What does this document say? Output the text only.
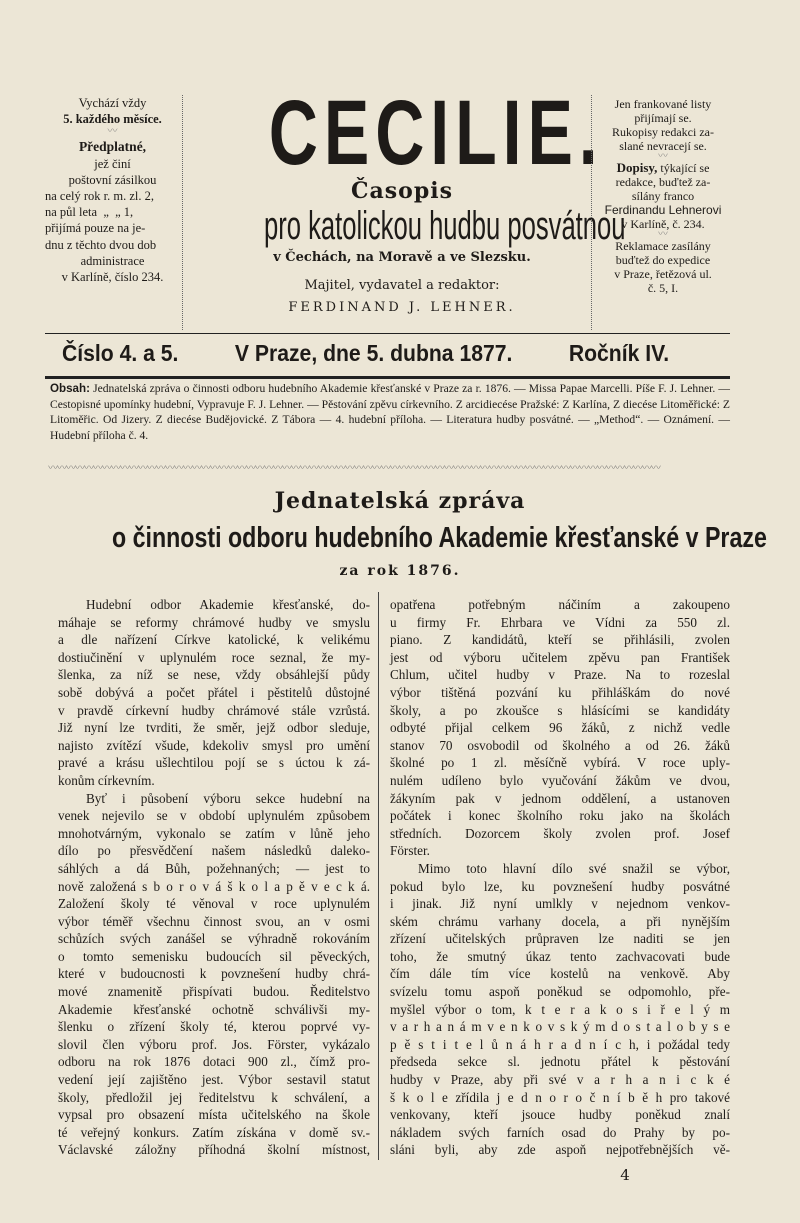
Vychází vždy
5. každého měsíce.
〰
Předplatné,
jež činí
poštovní zásilkou
na celý rok r. m. zl. 2,
na půl leta  „  „ 1,
přijímá pouze na je-
dnu z těchto dvou dob
administrace
v Karlíně, číslo 234.
CECILIE.
Časopis
pro katolickou hudbu posvátnou
v Čechách, na Moravě a ve Slezsku.
Majitel, vydavatel a redaktor:
FERDINAND J. LEHNER.
Jen frankované listy
přijímají se.
Rukopisy redakci za-
slané nevracejí se.
〰
Dopisy, týkající se
redakce, buďtež za-
sílány franco
Ferdinandu Lehnerovi
v Karlíně, č. 234.
〰
Reklamace zasílány
buďtež do expedice
v Praze, řetězová ul.
č. 5, I.
Číslo 4. a 5. V Praze, dne 5. dubna 1877. Ročník IV.
Obsah: Jednatelská zpráva o činnosti odboru hudebního Akademie křesťanské v Praze za r. 1876. — Missa Papae Marcelli. Píše F. J. Lehner. — Cestopisné upomínky hudební, Vypravuje F. J. Lehner. — Pěstování zpěvu církevního. Z arcidiecése Pražské: Z Karlína, Z diecése Litoměřické: Z Litoměřic. Od Jizery. Z diecése Budějovické. Z Tábora — 4. hudební příloha. — Literatura hudby posvátné. — „Method“. — Oznámení. — Hudební příloha č. 4.
〰〰〰〰〰〰〰〰〰〰〰〰〰〰〰〰〰〰〰〰〰〰〰〰〰〰〰〰〰〰〰〰〰〰〰〰〰〰〰〰〰〰〰〰〰〰〰〰〰〰〰〰〰〰〰〰〰〰〰〰〰〰〰〰〰〰〰〰
Jednatelská zpráva
o činnosti odboru hudebního Akademie křesťanské v Praze
za rok 1876.
Hudební odbor Akademie křesťanské, do-
máhaje se reformy chrámové hudby ve smyslu
a dle nařízení Církve katolické, k velikému
dostiučinění v uplynulém roce seznal, že my-
šlenka, za níž se nese, vždy obsáhlejší půdy
sobě dobývá a počet přátel i pěstitelů důstojné
v pravdě církevní hudby chrámové stále vzrůstá.
Již nyní lze tvrditi, že směr, jejž odbor sleduje,
najisto zvítězí všude, kdekoliv smysl pro umění
pravé a krásu ušlechtilou pojí se s úctou k zá-
konům církevním.
Byť i působení výboru sekce hudební na
venek nejevilo se v období uplynulém způsobem
mnohotvárným, vykonalo se zatím v lůně jeho
dílo po přesvědčení našem následků daleko-
sáhlých a dá Bůh, požehnaných; — jest to
nově založená s b o r o v á š k o l a p ě v e c k á.
Založení školy té věnoval v roce uplynulém
výbor téměř všechnu činnost svou, an v osmi
schůzích svých zanášel se výhradně rokováním
o tomto semenisku budoucích sil pěveckých,
které v budoucnosti k povznešení hudby chrá-
mové znamenitě přispívati budou. Ředitelstvo
Akademie křesťanské ochotně schválivši my-
šlenku o zřízení školy té, kterou poprvé vy-
slovil člen výboru prof. Jos. Förster, vykázalo
odboru na rok 1876 dotaci 900 zl., čímž pro-
vedení její zajištěno jest. Výbor sestavil statut
školy, předložil jej ředitelstvu k schválení, a
vypsal pro obsazení místa učitelského na škole
té veřejný konkurs. Zatím získána v domě sv.-
Václavské záložny příhodná školní místnost,
opatřena potřebným náčiním a zakoupeno
u firmy Fr. Ehrbara ve Vídni za 550 zl.
piano. Z kandidátů, kteří se přihlásili, zvolen
jest od výboru učitelem zpěvu pan František
Chlum, učitel hudby v Praze. Na to rozeslal
výbor tištěná pozvání ku přihláškám do nové
školy, a po zkoušce s hlásícími se kandidáty
odbyté přijal celkem 96 žáků, z nichž vedle
stanov 70 osvobodil od školného a od 26. žáků
školné po 1 zl. měsíčně vybírá. V roce uply-
nulém udíleno bylo vyučování žákům ve dvou,
žákyním pak v jednom oddělení, a ustanoven
počátek i konec školního roku jako na školách
středních. Dozorcem školy zvolen prof. Josef
Förster.
Mimo toto hlavní dílo své snažil se výbor,
pokud bylo lze, ku povznešení hudby posvátné
i jinak. Již nyní umlkly v nejednom venkov-
ském chrámu varhany docela, a při nynějším
zřízení učitelských průpraven lze naditi se jen
toho, že smutný úkaz tento zachvacovati bude
čím dále tím více kostelů na venkově. Aby
svízelu tomu aspoň poněkud se odpomohlo, pře-
myšlel výbor o tom, k t e r a k o s i ř e l ý m
v a r h a n á m v e n k o v s k ý m d o s t a l o b y s e
p ě s t i t e l ů n á h r a d n í c h, i požádal tedy
předseda sekce sl. jednotu přátel k pěstování
hudby v Praze, aby při své v a r h a n i c k é
š k o l e zřídila j e d n o r o č n í b ě h pro takové
venkovany, kteří jsouce hudby poněkud znalí
nákladem svých farních osad do Prahy by po-
sláni byli, aby zde aspoň nejpotřebnějších vě-
4
